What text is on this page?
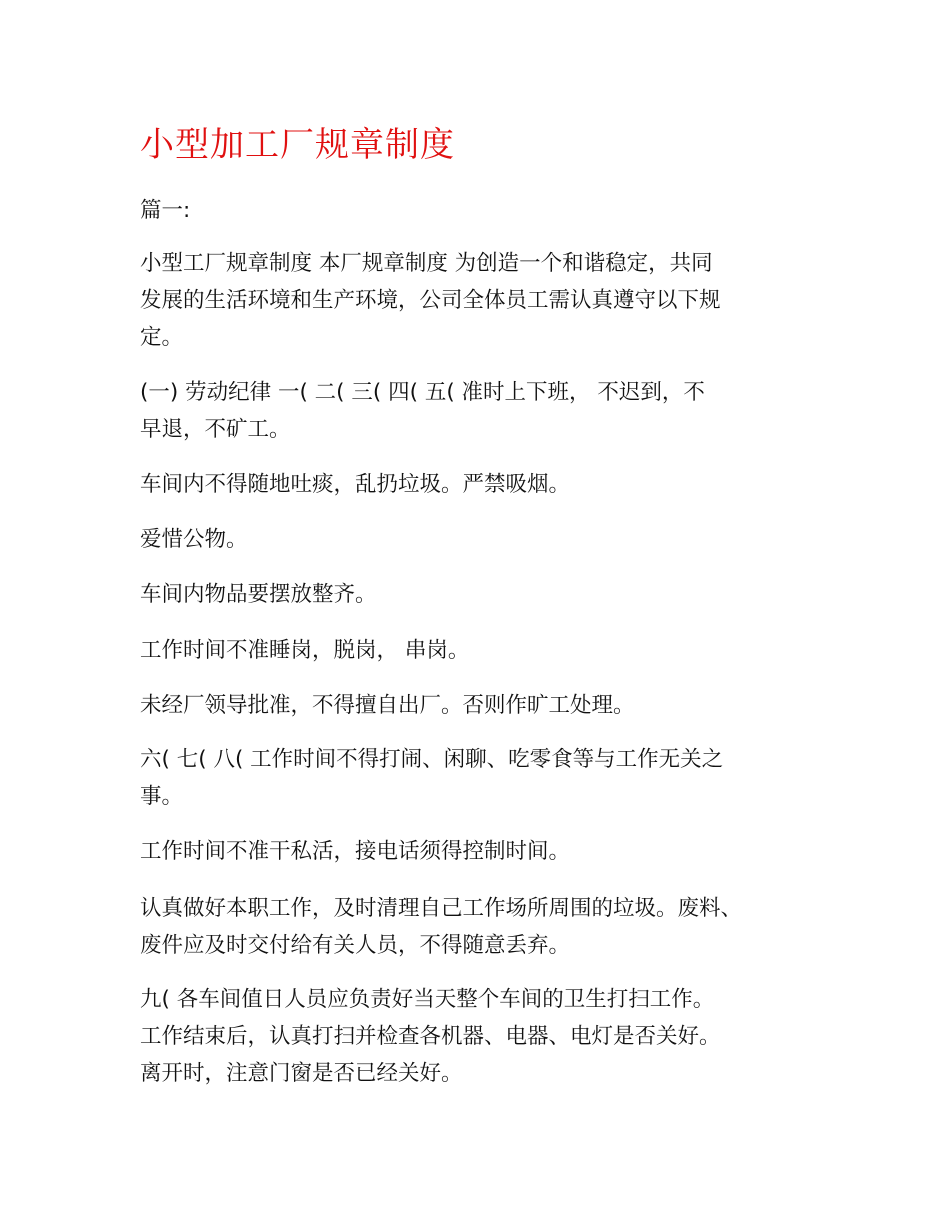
小型加工厂规章制度

篇一:

小型工厂规章制度 本厂规章制度 为创造一个和谐稳定，共同
发展的生活环境和生产环境，公司全体员工需认真遵守以下规
定。

(一) 劳动纪律 一( 二( 三( 四( 五( 准时上下班， 不迟到，不
早退，不矿工。

车间内不得随地吐痰，乱扔垃圾。严禁吸烟。

爱惜公物。

车间内物品要摆放整齐。

工作时间不准睡岗，脱岗， 串岗。

未经厂领导批准，不得擅自出厂。否则作旷工处理。

六( 七( 八( 工作时间不得打闹、闲聊、吃零食等与工作无关之
事。

工作时间不准干私活，接电话须得控制时间。

认真做好本职工作，及时清理自己工作场所周围的垃圾。废料、
废件应及时交付给有关人员，不得随意丢弃。

九( 各车间值日人员应负责好当天整个车间的卫生打扫工作。
工作结束后，认真打扫并检查各机器、电器、电灯是否关好。
离开时，注意门窗是否已经关好。
